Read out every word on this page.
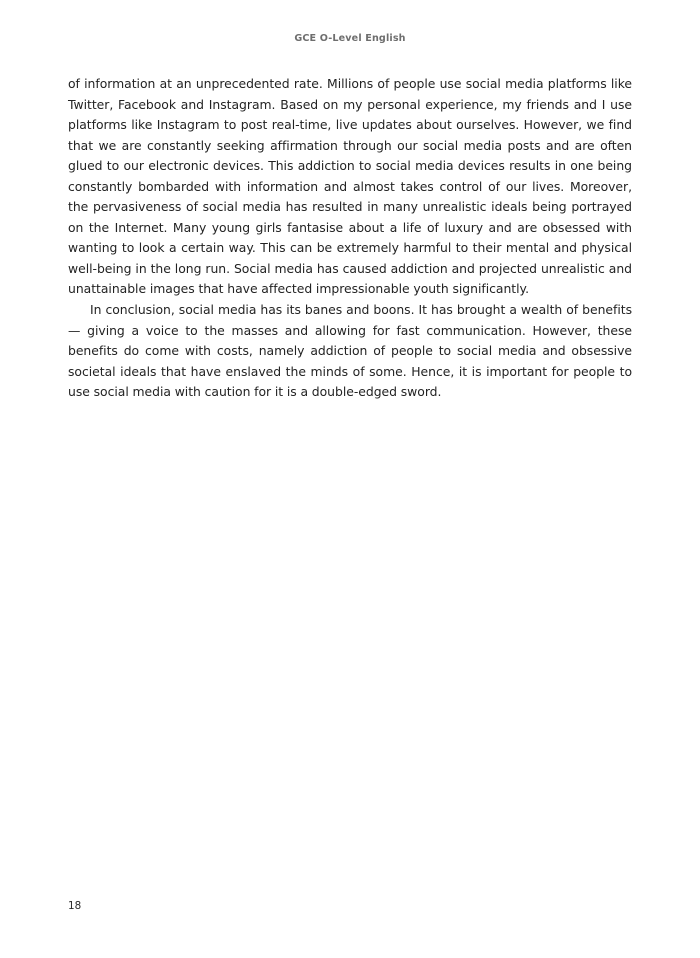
GCE O-Level English

of information at an unprecedented rate. Millions of people use social media platforms like Twitter, Facebook and Instagram. Based on my personal experience, my friends and I use platforms like Instagram to post real-time, live updates about ourselves. However, we find that we are constantly seeking affirmation through our social media posts and are often glued to our electronic devices. This addiction to social media devices results in one being constantly bombarded with information and almost takes control of our lives. Moreover, the pervasiveness of social media has resulted in many unrealistic ideals being portrayed on the Internet. Many young girls fantasise about a life of luxury and are obsessed with wanting to look a certain way. This can be extremely harmful to their mental and physical well-being in the long run. Social media has caused addiction and projected unrealistic and unattainable images that have affected impressionable youth significantly.

In conclusion, social media has its banes and boons. It has brought a wealth of benefits — giving a voice to the masses and allowing for fast communication. However, these benefits do come with costs, namely addiction of people to social media and obsessive societal ideals that have enslaved the minds of some. Hence, it is important for people to use social media with caution for it is a double-edged sword.

18
